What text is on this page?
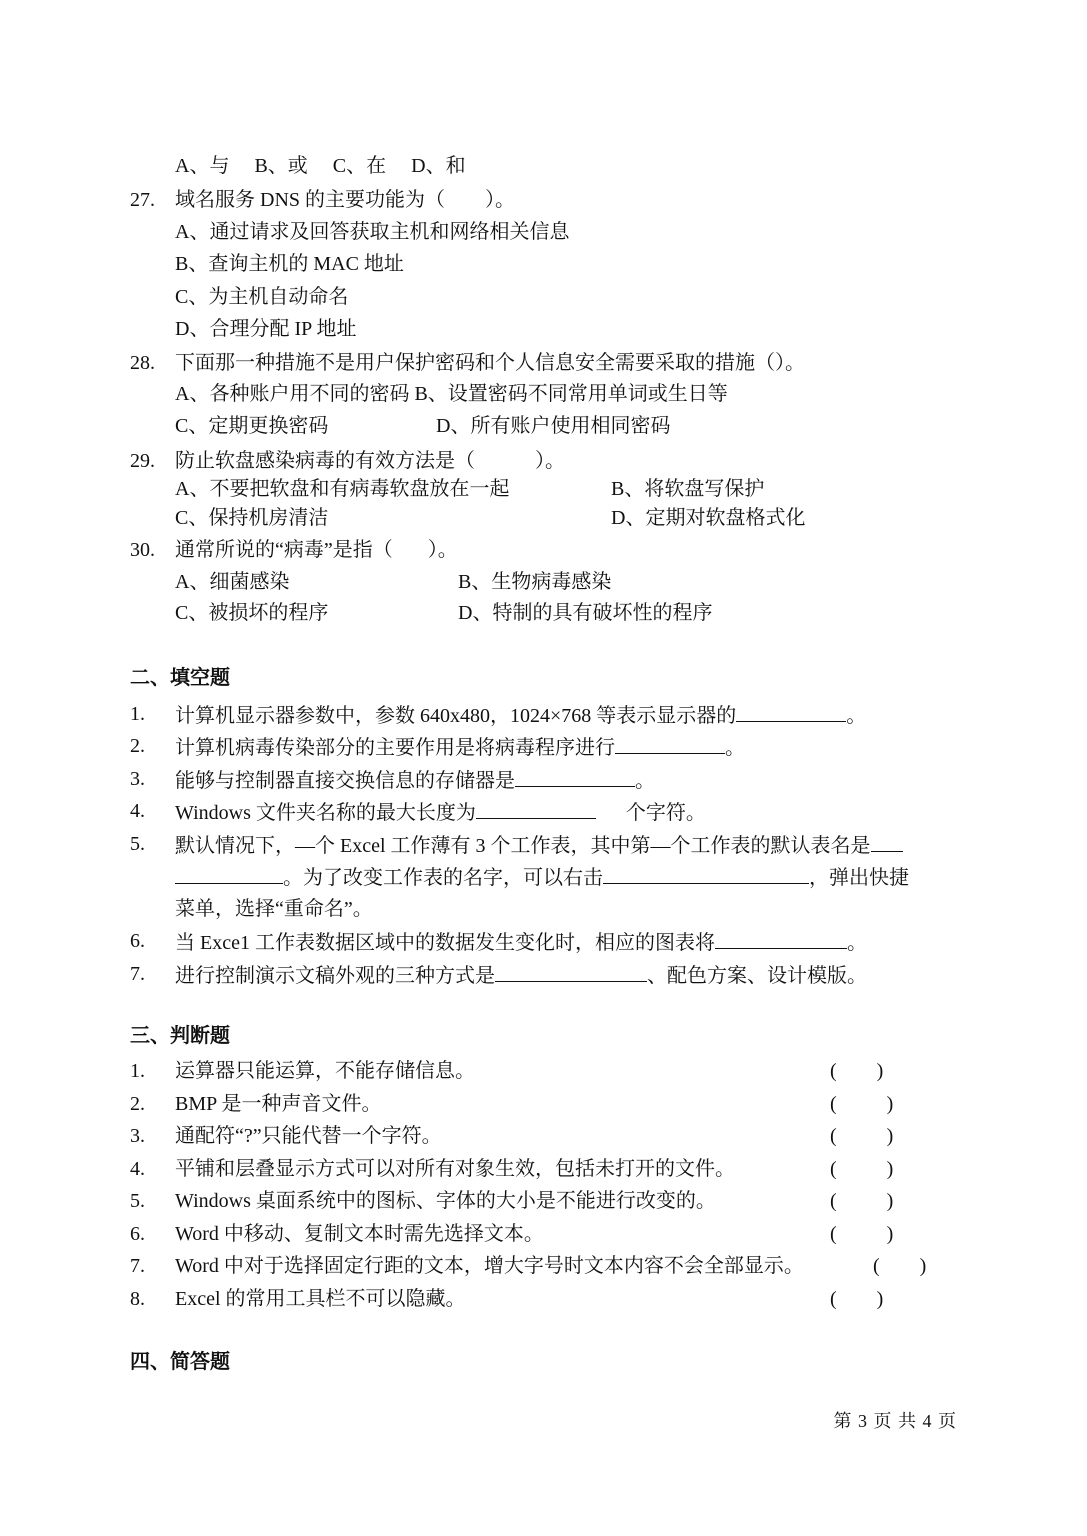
A、与     B、或     C、在     D、和
27. 域名服务 DNS 的主要功能为（        ）。
A、通过请求及回答获取主机和网络相关信息
B、查询主机的 MAC 地址
C、为主机自动命名
D、合理分配 IP 地址
28. 下面那一种措施不是用户保护密码和个人信息安全需要采取的措施（）。
A、各种账户用不同的密码 B、设置密码不同常用单词或生日等
C、定期更换密码	D、所有账户使用相同密码
29. 防止软盘感染病毒的有效方法是（            ）。
A、不要把软盘和有病毒软盘放在一起	B、将软盘写保护
C、保持机房清洁	D、定期对软盘格式化
30. 通常所说的“病毒”是指（       ）。
A、细菌感染	B、生物病毒感染
C、被损坏的程序	D、特制的具有破坏性的程序
二、填空题
1. 计算机显示器参数中，参数 640x480，1024×768 等表示显示器的	。
2. 计算机病毒传染部分的主要作用是将病毒程序进行	。
3. 能够与控制器直接交换信息的存储器是	。
4. Windows 文件夹名称的最大长度为	个字符。
5. 默认情况下，—个 Excel 工作薄有 3 个工作表，其中第—个工作表的默认表名是
。为了改变工作表的名字，可以右击	，弹出快捷
菜单，选择“重命名”。
6. 当 Exce1 工作表数据区域中的数据发生变化时，相应的图表将	。
7. 进行控制演示文稿外观的三种方式是	、配色方案、设计模版。
三、判断题
1. 运算器只能运算，不能存储信息。	(        )
2. BMP 是一种声音文件。	(          )
3. 通配符“?”只能代替一个字符。	(          )
4. 平铺和层叠显示方式可以对所有对象生效，包括未打开的文件。	(          )
5. Windows 桌面系统中的图标、字体的大小是不能进行改变的。	(          )
6. Word 中移动、复制文本时需先选择文本。	(          )
7. Word 中对于选择固定行距的文本，增大字号时文本内容不会全部显示。	(        )
8. Excel 的常用工具栏不可以隐藏。	(        )
四、简答题
第 3 页 共 4 页
